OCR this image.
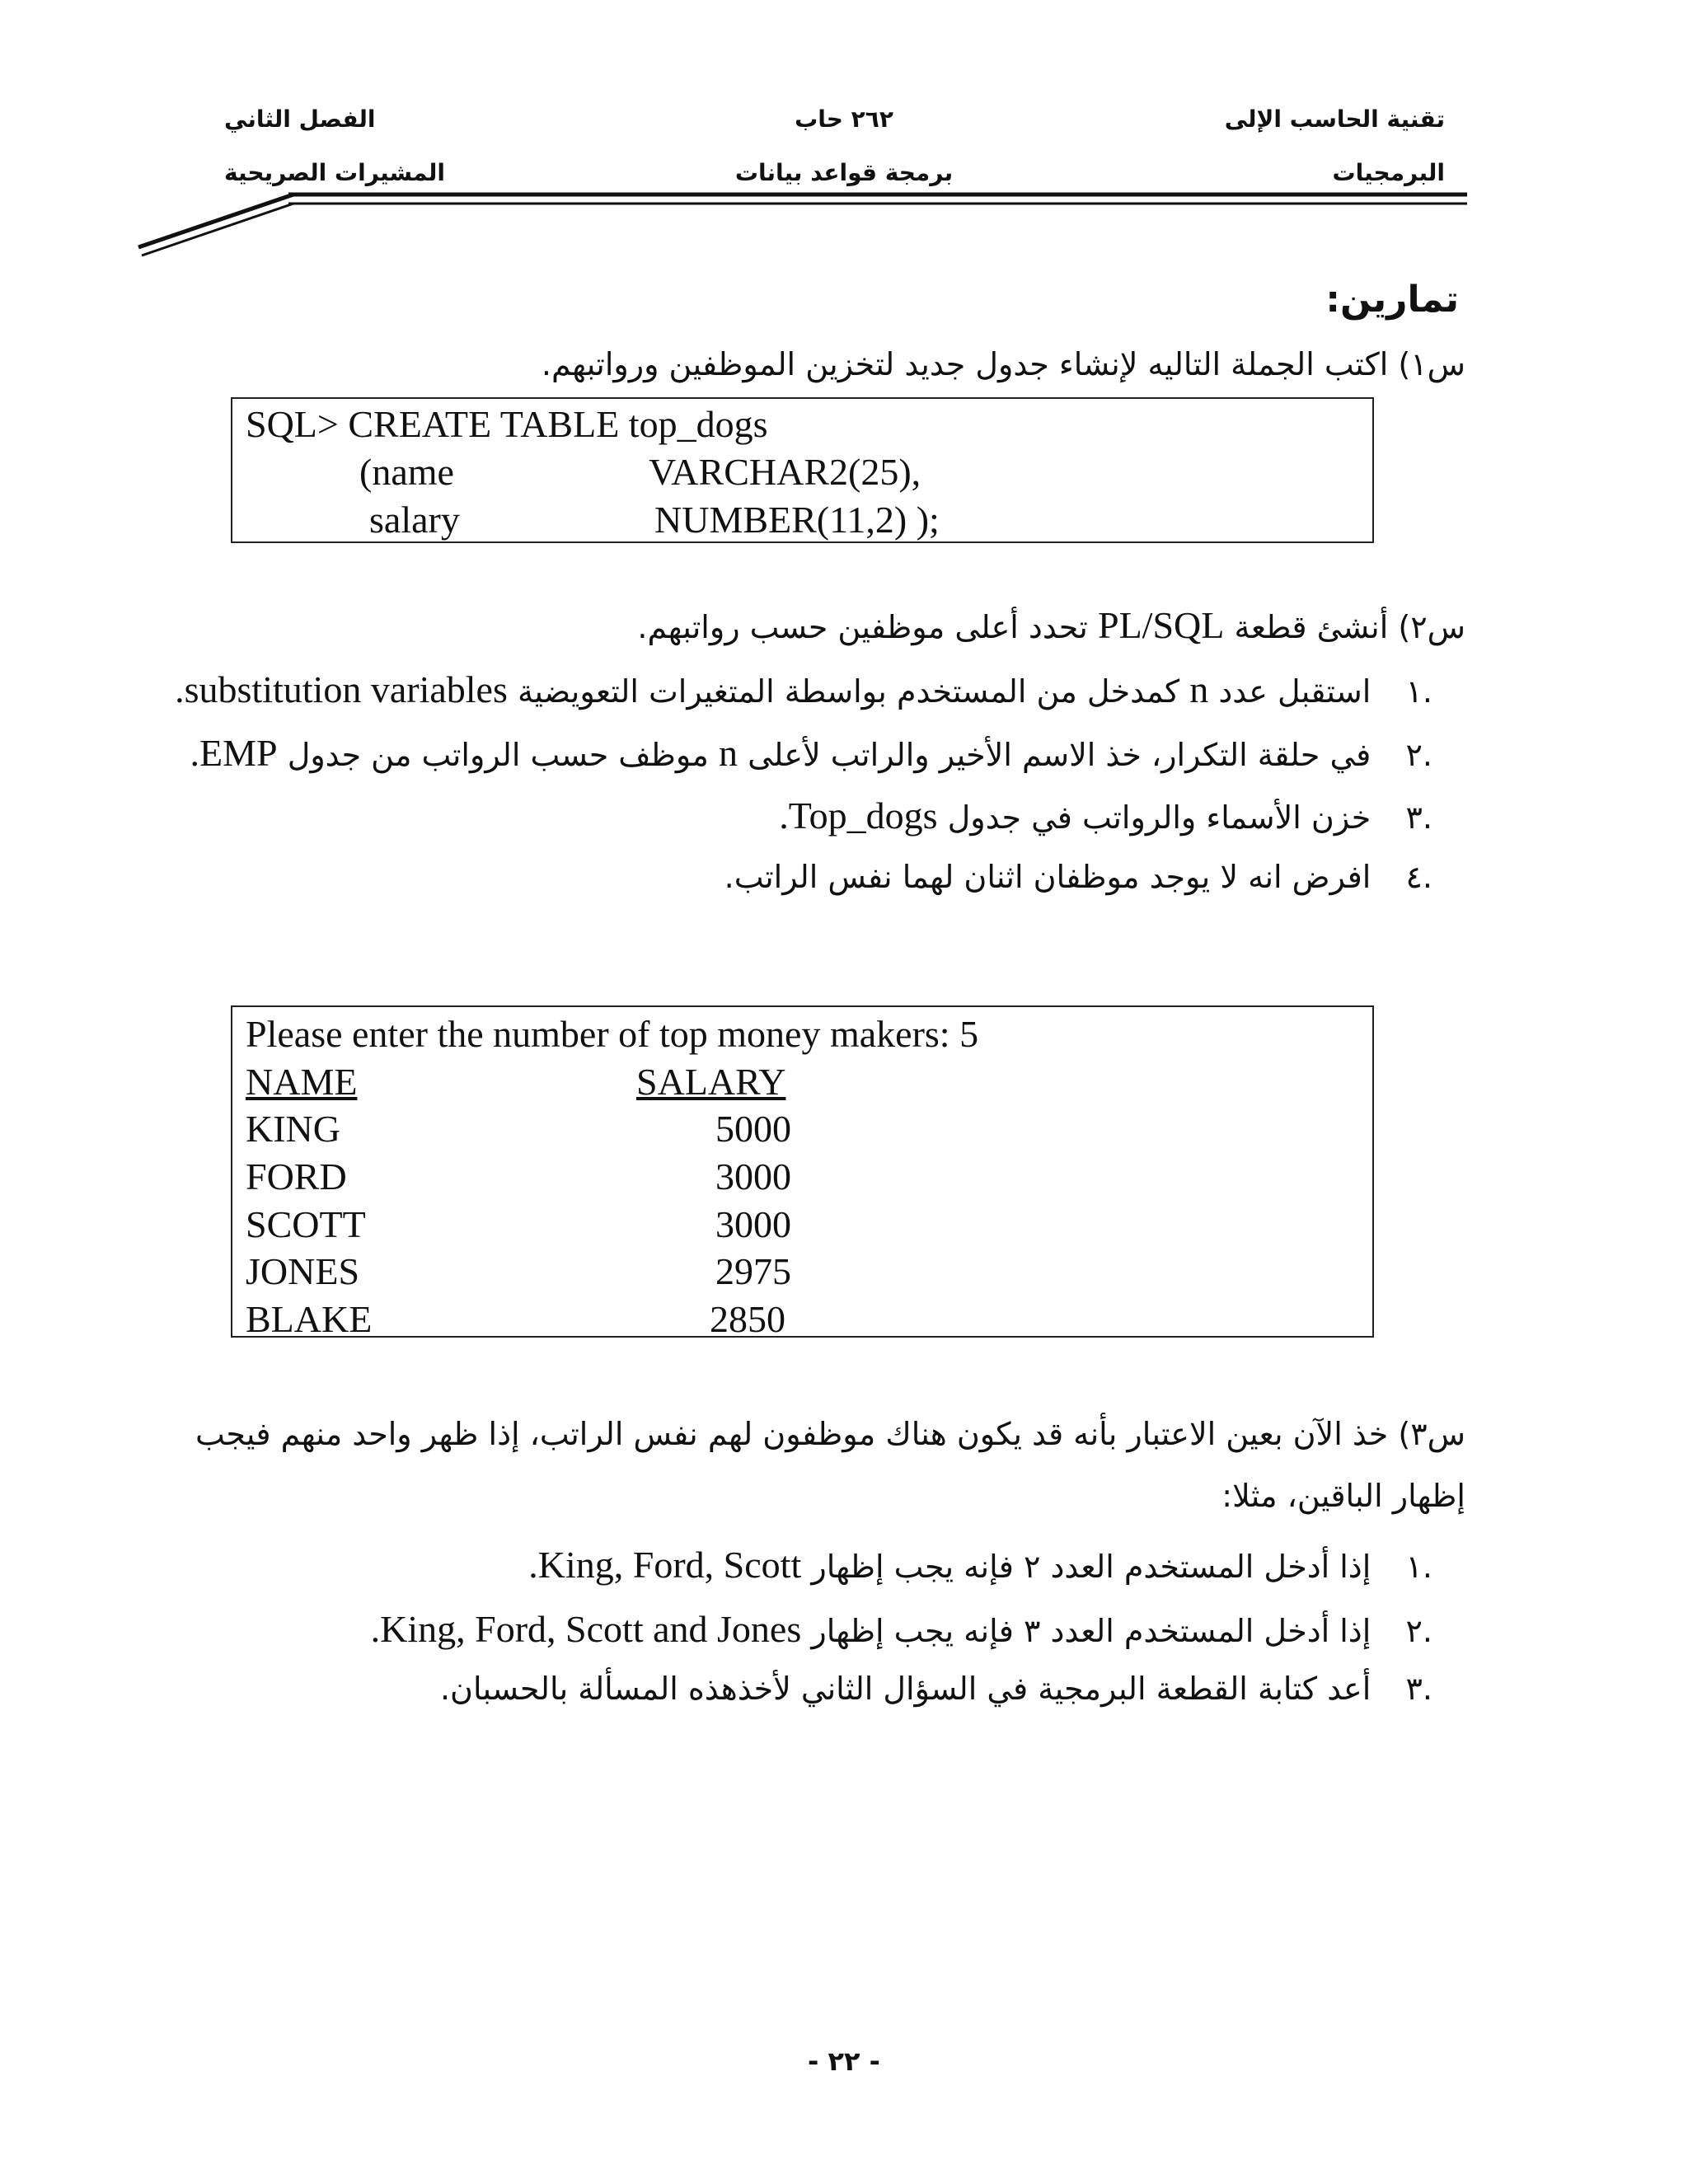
تقنية الحاسب الإلى
البرمجيات
٢٦٢ حاب
برمجة قواعد بيانات
الفصل الثاني
المشيرات الصريحية
تمارين:
س١) اكتب الجملة التاليه لإنشاء جدول جديد لتخزين الموظفين ورواتبهم.
SQL> CREATE TABLE top_dogs
(name	VARCHAR2(25),
salary	NUMBER(11,2) );
س٢) أنشئ قطعة PL/SQL تحدد أعلى موظفين حسب رواتبهم.
.١  استقبل عدد n كمدخل من المستخدم بواسطة المتغيرات التعويضية substitution variables.
.٢  في حلقة التكرار، خذ الاسم الأخير والراتب لأعلى n موظف حسب الرواتب من جدول EMP.
.٣  خزن الأسماء والرواتب في جدول Top_dogs.
.٤  افرض انه لا يوجد موظفان اثنان لهما نفس الراتب.
Please enter the number of top money makers: 5
NAME	SALARY
KING	5000
FORD	3000
SCOTT	3000
JONES	2975
BLAKE	2850
س٣) خذ الآن بعين الاعتبار بأنه قد يكون هناك موظفون لهم نفس الراتب، إذا ظهر واحد منهم فيجب
إظهار الباقين، مثلا:
.١  إذا أدخل المستخدم العدد ٢ فإنه يجب إظهار King, Ford, Scott.
.٢  إذا أدخل المستخدم العدد ٣ فإنه يجب إظهار King, Ford, Scott and Jones.
.٣  أعد كتابة القطعة البرمجية في السؤال الثاني لأخذهذه المسألة بالحسبان.
- ٢٢ -
